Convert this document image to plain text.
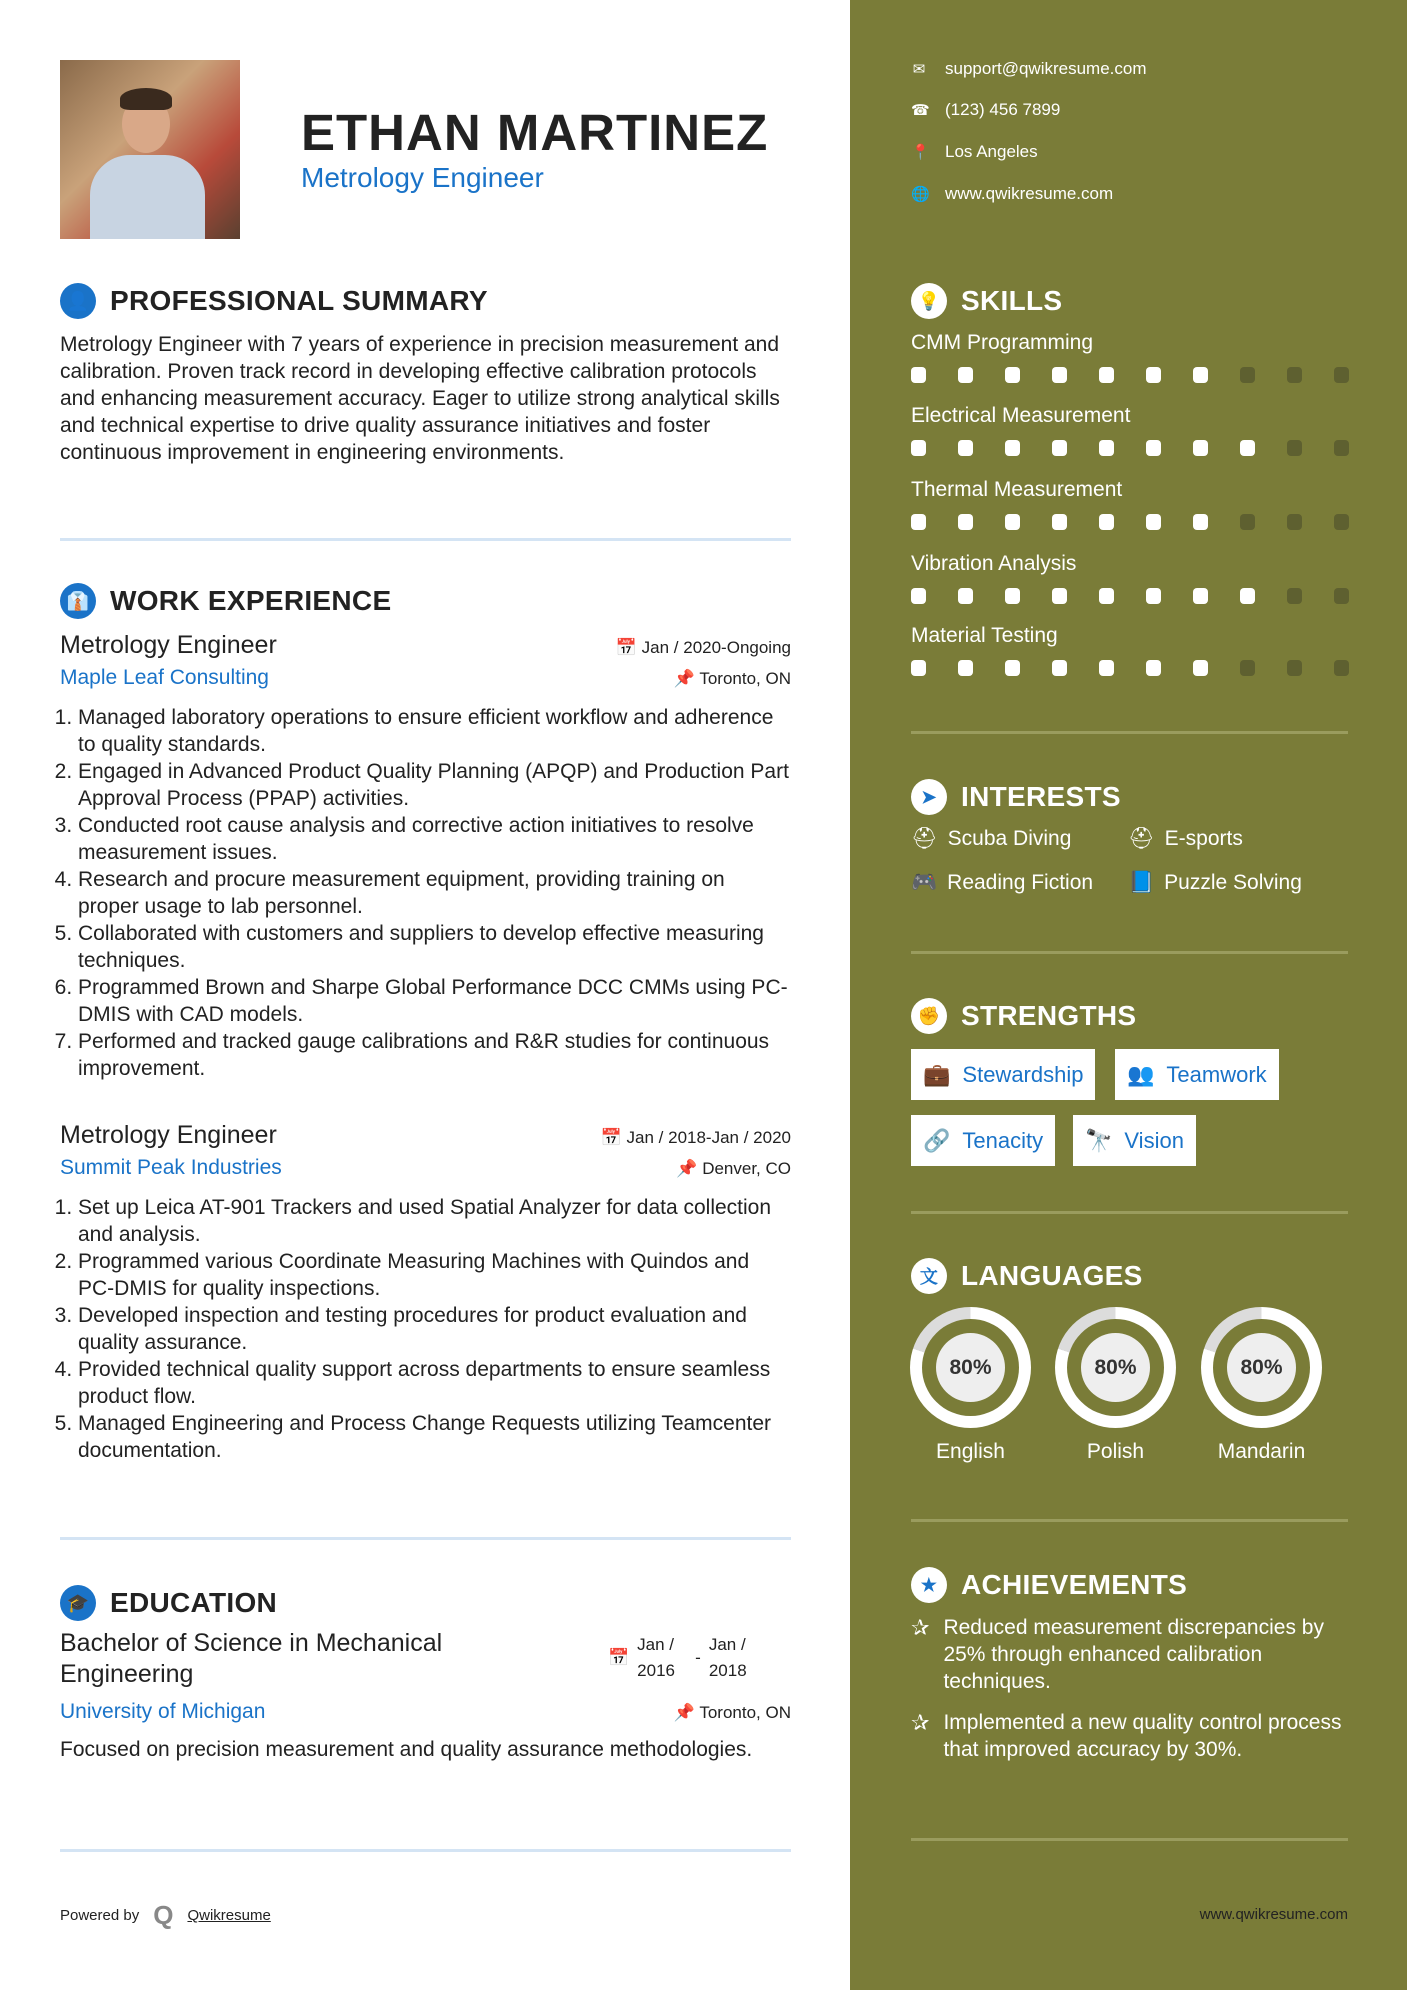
ETHAN MARTINEZ
Metrology Engineer
👤 PROFESSIONAL SUMMARY
Metrology Engineer with 7 years of experience in precision measurement and calibration. Proven track record in developing effective calibration protocols and enhancing measurement accuracy. Eager to utilize strong analytical skills and technical expertise to drive quality assurance initiatives and foster continuous improvement in engineering environments.
👔 WORK EXPERIENCE
Metrology Engineer	📅 Jan / 2020-Ongoing
Maple Leaf Consulting	📌 Toronto, ON
1. Managed laboratory operations to ensure efficient workflow and adherence to quality standards.
2. Engaged in Advanced Product Quality Planning (APQP) and Production Part Approval Process (PPAP) activities.
3. Conducted root cause analysis and corrective action initiatives to resolve measurement issues.
4. Research and procure measurement equipment, providing training on proper usage to lab personnel.
5. Collaborated with customers and suppliers to develop effective measuring techniques.
6. Programmed Brown and Sharpe Global Performance DCC CMMs using PC-DMIS with CAD models.
7. Performed and tracked gauge calibrations and R&R studies for continuous improvement.
Metrology Engineer	📅 Jan / 2018-Jan / 2020
Summit Peak Industries	📌 Denver, CO
1. Set up Leica AT-901 Trackers and used Spatial Analyzer for data collection and analysis.
2. Programmed various Coordinate Measuring Machines with Quindos and PC-DMIS for quality inspections.
3. Developed inspection and testing procedures for product evaluation and quality assurance.
4. Provided technical quality support across departments to ensure seamless product flow.
5. Managed Engineering and Process Change Requests utilizing Teamcenter documentation.
🎓 EDUCATION
Bachelor of Science in Mechanical Engineering
📅
Jan / 2016
-
Jan / 2018
University of Michigan	📌 Toronto, ON
Focused on precision measurement and quality assurance methodologies.
Powered by Q Qwikresume
✉ support@qwikresume.com
☎ (123) 456 7899
📍 Los Angeles
🌐 www.qwikresume.com
💡 SKILLS
CMM Programming
Electrical Measurement
Thermal Measurement
Vibration Analysis
Material Testing
➤ INTERESTS
⛑ Scuba Diving	⛑ E-sports
🎮 Reading Fiction 📘 Puzzle Solving
✊ STRENGTHS
💼 Stewardship 👥 Teamwork
🔗 Tenacity 🔭 Vision
文 LANGUAGES
80%
English
80%
Polish
80%
Mandarin
★ ACHIEVEMENTS
✰ Reduced measurement discrepancies by 25% through enhanced calibration techniques.
✰ Implemented a new quality control process that improved accuracy by 30%.
www.qwikresume.com
